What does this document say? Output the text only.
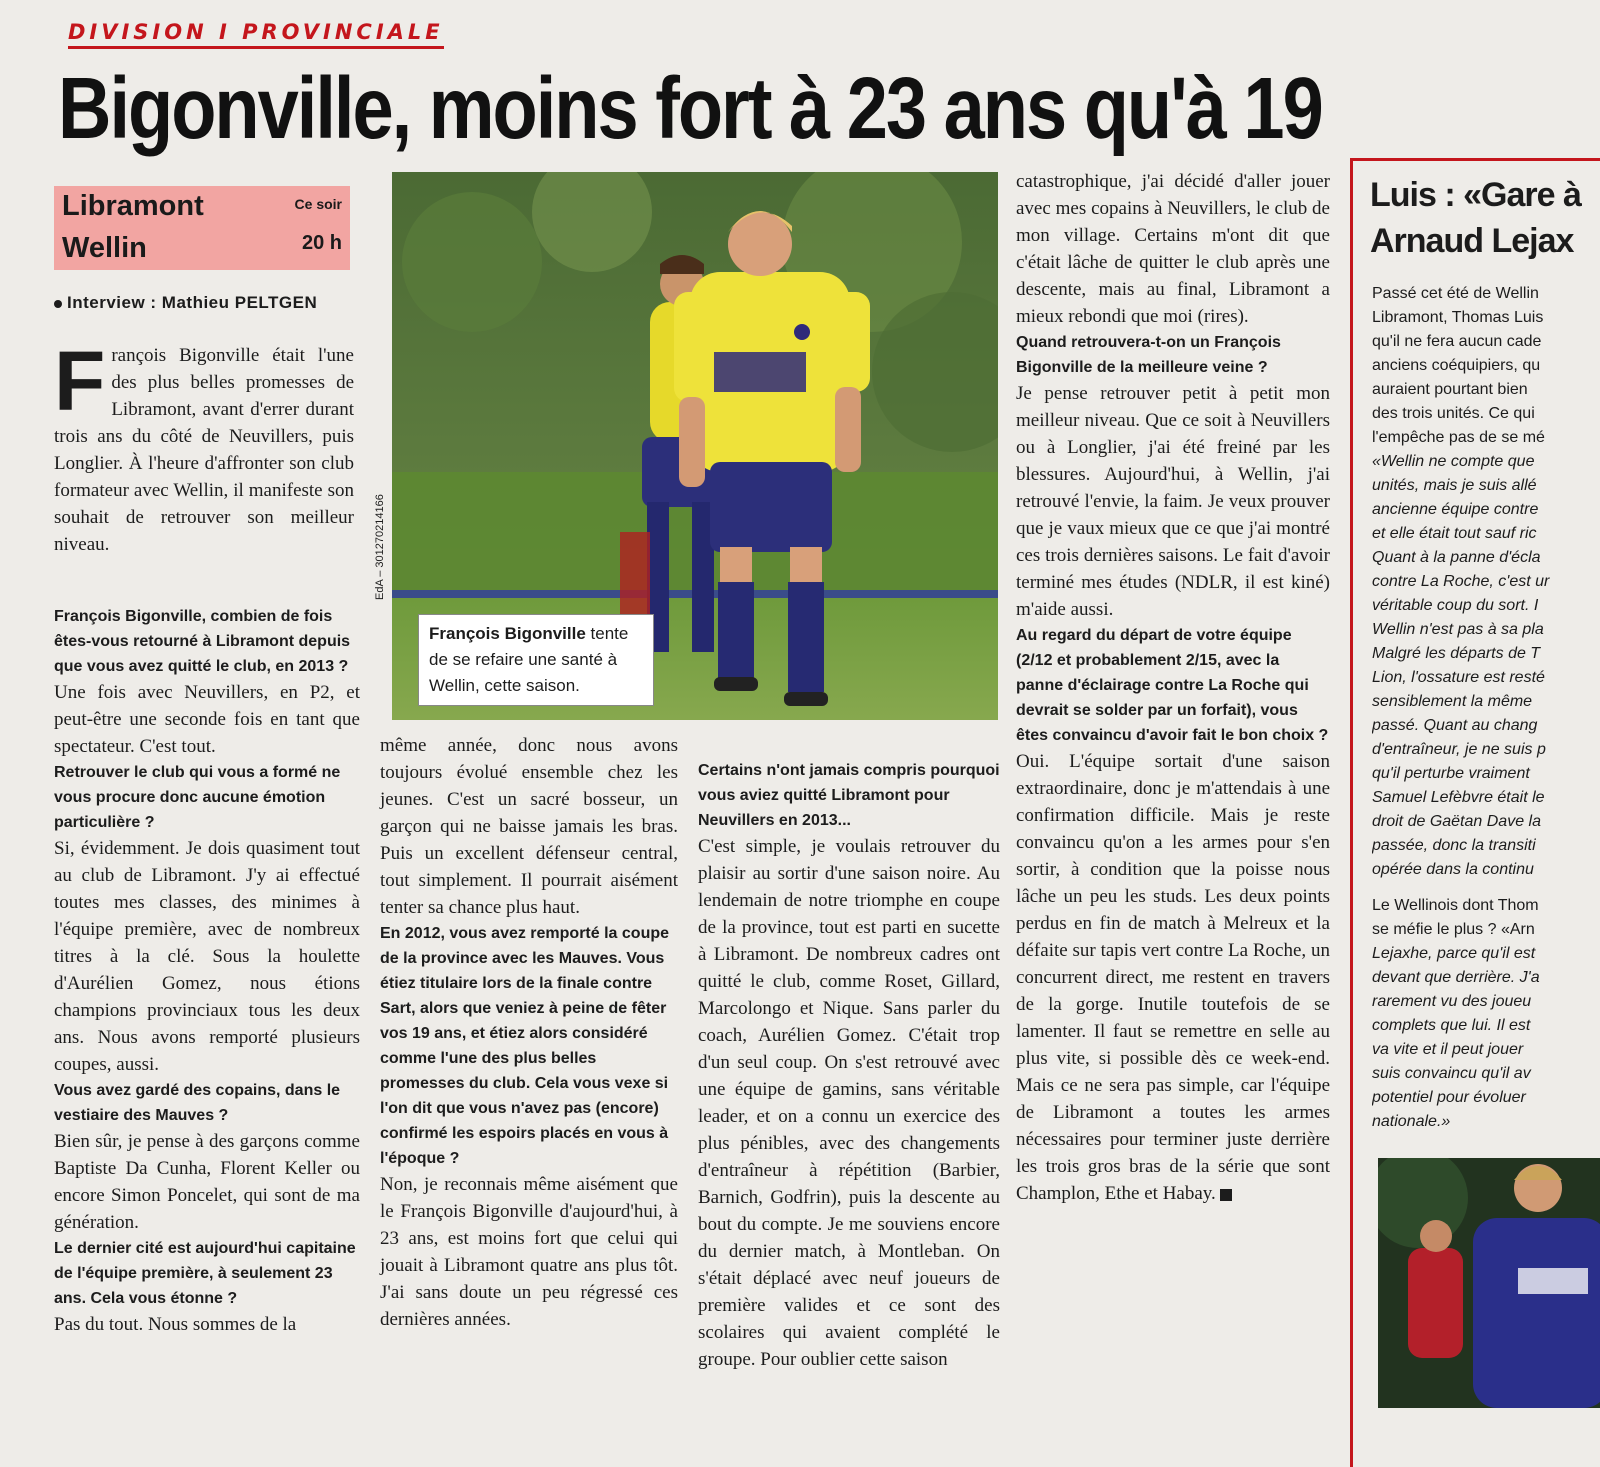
DIVISION I PROVINCIALE
Bigonville, moins fort à 23 ans qu'à 19
Libramont
Wellin
Ce soir
20 h
Interview : Mathieu PELTGEN
François Bigonville était l'une des plus belles promesses de Libramont, avant d'errer durant trois ans du côté de Neuvillers, puis Longlier. À l'heure d'affronter son club formateur avec Wellin, il manifeste son souhait de retrouver son meilleur niveau.	EdA – 301270214166
François Bigonville tente de se refaire une santé à Wellin, cette saison.

François Bigonville, combien de fois êtes-vous retourné à Libramont depuis que vous avez quitté le club, en 2013 ?

Une fois avec Neuvillers, en P2, et peut-être une seconde fois en tant que spectateur. C'est tout.

Retrouver le club qui vous a formé ne vous procure donc aucune émotion particulière ?

Si, évidemment. Je dois quasiment tout au club de Libramont. J'y ai effectué toutes mes classes, des minimes à l'équipe première, avec de nombreux titres à la clé. Sous la houlette d'Aurélien Gomez, nous étions champions provinciaux tous les deux ans. Nous avons remporté plusieurs coupes, aussi.

Vous avez gardé des copains, dans le vestiaire des Mauves ?

Bien sûr, je pense à des garçons comme Baptiste Da Cunha, Florent Keller ou encore Simon Poncelet, qui sont de ma génération.

Le dernier cité est aujourd'hui capitaine de l'équipe première, à seulement 23 ans. Cela vous étonne ?

Pas du tout. Nous sommes de la

même année, donc nous avons toujours évolué ensemble chez les jeunes. C'est un sacré bosseur, un garçon qui ne baisse jamais les bras. Puis un excellent défenseur central, tout simplement. Il pourrait aisément tenter sa chance plus haut.

En 2012, vous avez remporté la coupe de la province avec les Mauves. Vous étiez titulaire lors de la finale contre Sart, alors que veniez à peine de fêter vos 19 ans, et étiez alors considéré comme l'une des plus belles promesses du club. Cela vous vexe si l'on dit que vous n'avez pas (encore) confirmé les espoirs placés en vous à l'époque ?

Non, je reconnais même aisément que le François Bigonville d'aujourd'hui, à 23 ans, est moins fort que celui qui jouait à Libramont quatre ans plus tôt. J'ai sans doute un peu régressé ces dernières années.

Certains n'ont jamais compris pourquoi vous aviez quitté Libramont pour Neuvillers en 2013...

C'est simple, je voulais retrouver du plaisir au sortir d'une saison noire. Au lendemain de notre triomphe en coupe de la province, tout est parti en sucette à Libramont. De nombreux cadres ont quitté le club, comme Roset, Gillard, Marcolongo et Nique. Sans parler du coach, Aurélien Gomez. C'était trop d'un seul coup. On s'est retrouvé avec une équipe de gamins, sans véritable leader, et on a connu un exercice des plus pénibles, avec des changements d'entraîneur à répétition (Barbier, Barnich, Godfrin), puis la descente au bout du compte. Je me souviens encore du dernier match, à Montleban. On s'était déplacé avec neuf joueurs de première valides et ce sont des scolaires qui avaient complété le groupe. Pour oublier cette saison

catastrophique, j'ai décidé d'aller jouer avec mes copains à Neuvillers, le club de mon village. Certains m'ont dit que c'était lâche de quitter le club après une descente, mais au final, Libramont a mieux rebondi que moi (rires).

Quand retrouvera-t-on un François Bigonville de la meilleure veine ?

Je pense retrouver petit à petit mon meilleur niveau. Que ce soit à Neuvillers ou à Longlier, j'ai été freiné par les blessures. Aujourd'hui, à Wellin, j'ai retrouvé l'envie, la faim. Je veux prouver que je vaux mieux que ce que j'ai montré ces trois dernières saisons. Le fait d'avoir terminé mes études (NDLR, il est kiné) m'aide aussi.

Au regard du départ de votre équipe (2/12 et probablement 2/15, avec la panne d'éclairage contre La Roche qui devrait se solder par un forfait), vous êtes convaincu d'avoir fait le bon choix ?

Oui. L'équipe sortait d'une saison extraordinaire, donc je m'attendais à une confirmation difficile. Mais je reste convaincu qu'on a les armes pour s'en sortir, à condition que la poisse nous lâche un peu les studs. Les deux points perdus en fin de match à Melreux et la défaite sur tapis vert contre La Roche, un concurrent direct, me restent en travers de la gorge. Inutile toutefois de se lamenter. Il faut se remettre en selle au plus vite, si possible dès ce week-end. Mais ce ne sera pas simple, car l'équipe de Libramont a toutes les armes nécessaires pour terminer juste derrière les trois gros bras de la série que sont Champlon, Ethe et Habay.

Luis : «Gare à
Arnaud Lejax
Passé cet été de Wellin
Libramont, Thomas Luis
qu'il ne fera aucun cade
anciens coéquipiers, qu
auraient pourtant bien
des trois unités. Ce qui
l'empêche pas de se mé
«Wellin ne compte que
unités, mais je suis allé
ancienne équipe contre
et elle était tout sauf ric
Quant à la panne d'écla
contre La Roche, c'est ur
véritable coup du sort. I
Wellin n'est pas à sa pla
Malgré les départs de T
Lion, l'ossature est resté
sensiblement la même
passé. Quant au chang
d'entraîneur, je ne suis p
qu'il perturbe vraiment
Samuel Lefèbvre était le
droit de Gaëtan Dave la
passée, donc la transiti
opérée dans la continu
Le Wellinois dont Thom
se méfie le plus ? «Arn
Lejaxhe, parce qu'il est
devant que derrière. J'a
rarement vu des joueu
complets que lui. Il est
va vite et il peut jouer
suis convaincu qu'il av
potentiel pour évoluer
nationale.»
